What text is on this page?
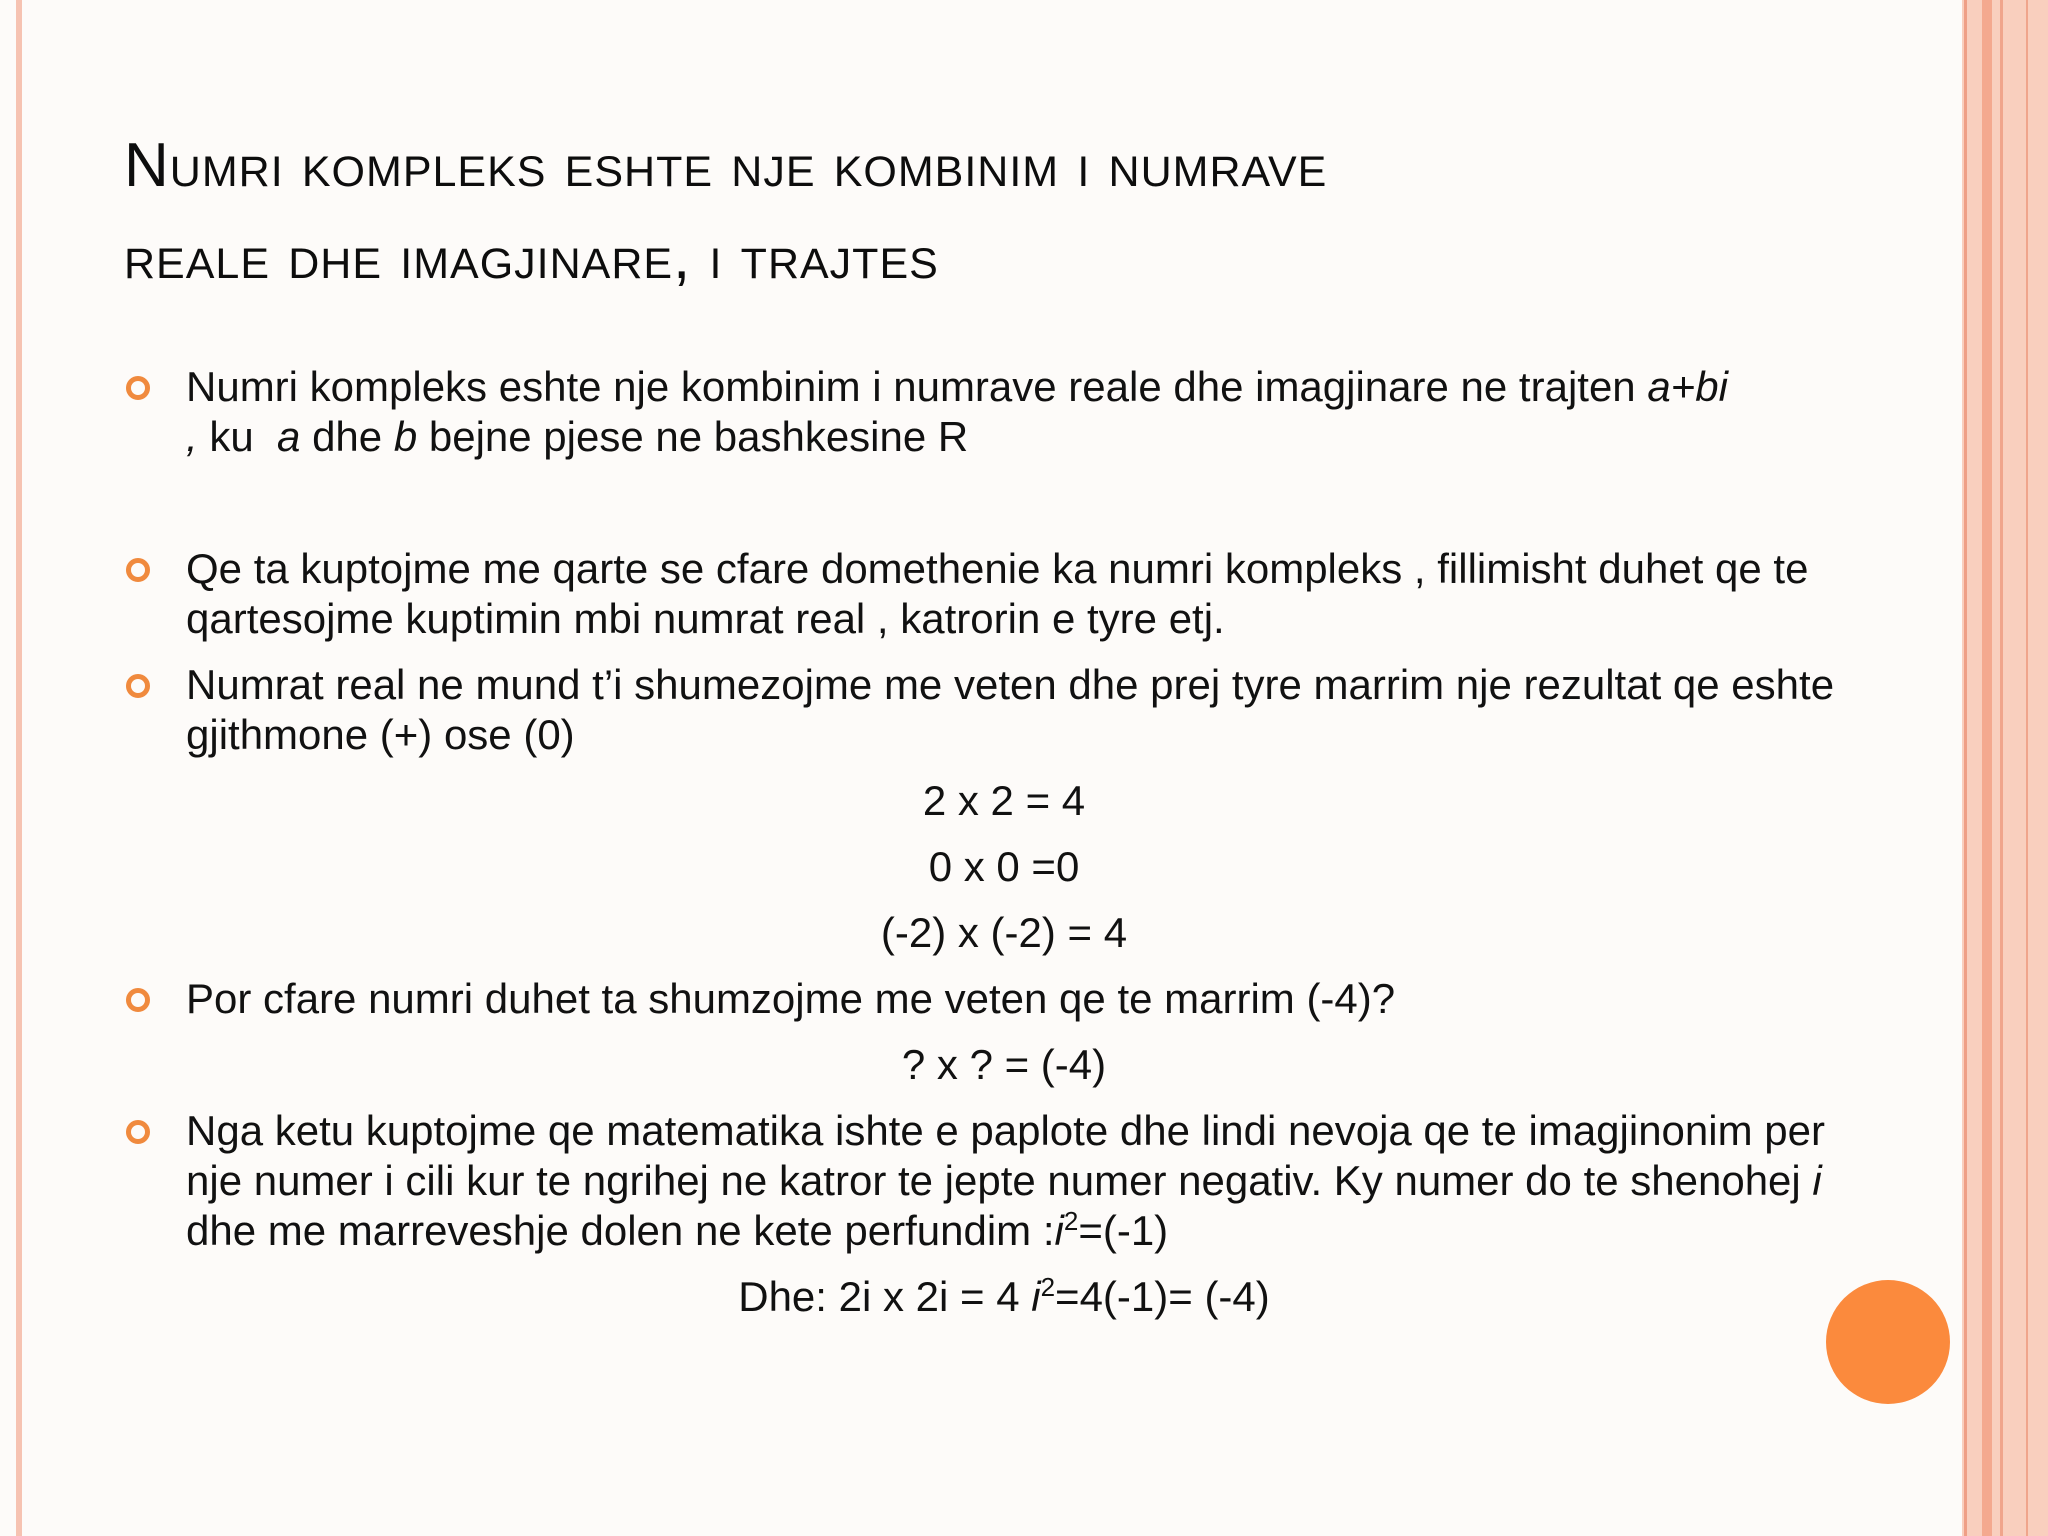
Numri kompleks eshte nje kombinim i numrave
reale dhe imagjinare, i trajtes
Numri kompleks eshte nje kombinim i numrave reale dhe imagjinare ne trajten a+bi
, ku  a dhe b bejne pjese ne bashkesine R
Qe ta kuptojme me qarte se cfare domethenie ka numri kompleks , fillimisht duhet qe te qartesojme kuptimin mbi numrat real , katrorin e tyre etj.
Numrat real ne mund t’i shumezojme me veten dhe prej tyre marrim nje rezultat qe eshte gjithmone (+) ose (0)
2 x 2 = 4
0 x 0 =0
(-2) x (-2) = 4
Por cfare numri duhet ta shumzojme me veten qe te marrim (-4)?
? x ? = (-4)
Nga ketu kuptojme qe matematika ishte e paplote dhe lindi nevoja qe te imagjinonim per nje numer i cili kur te ngrihej ne katror te jepte numer negativ. Ky numer do te shenohej i dhe me marreveshje dolen ne kete perfundim $:i^2=(-1)$
Dhe: 2i x 2i = 4 $i^2=4(-1)= (-4)$
